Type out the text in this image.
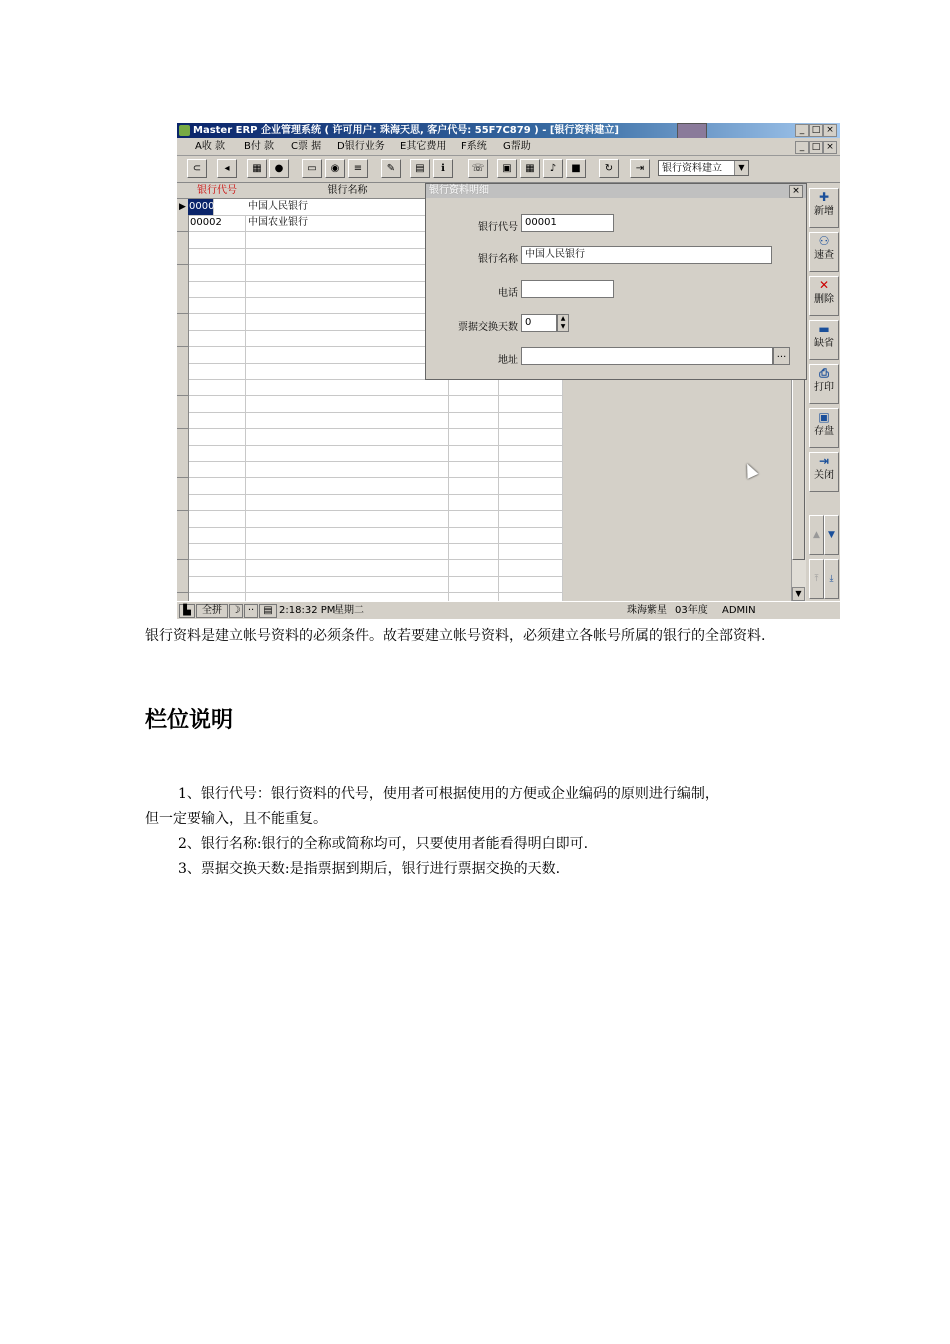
Master ERP 企业管理系统 ( 许可用户: 珠海天思, 客户代号: 55F7C879 ) - [银行资料建立]	_ □ ×
A收 款 B付 款 C票 据 D银行业务 E其它费用 F系统 G帮助	_ □ ×
⊂	◂	▦	●	▭	◉	≡	✎	▤	ℹ	☏	▣	▦	♪	■	↻	⇥	银行资料建立	▼
银行代号	银行名称
▶ 00001	中国人民银行
00002	中国农业银行
▼
银行资料明细	×
银行代号 00001
银行名称 中国人民银行
电话
票据交换天数 0	▲
▼
地址
...
✚
新增
⚇
速查
✕
删除
▬
缺省
⎙
打印
▣
存盘
⇥
关闭
▲ ▼
⤒	⤓
▙	全拼 ☽ ·· ▤ 2:18:32 PM
星期二	珠海紫星 03年度 ADMIN
银行资料是建立帐号资料的必须条件。故若要建立帐号资料，必须建立各帐号所属的银行的全部资料.
栏位说明
1、银行代号：银行资料的代号，使用者可根据使用的方便或企业编码的原则进行编制，
但一定要输入，且不能重复。
2、银行名称:银行的全称或简称均可，只要使用者能看得明白即可.
3、票据交换天数:是指票据到期后，银行进行票据交换的天数.
